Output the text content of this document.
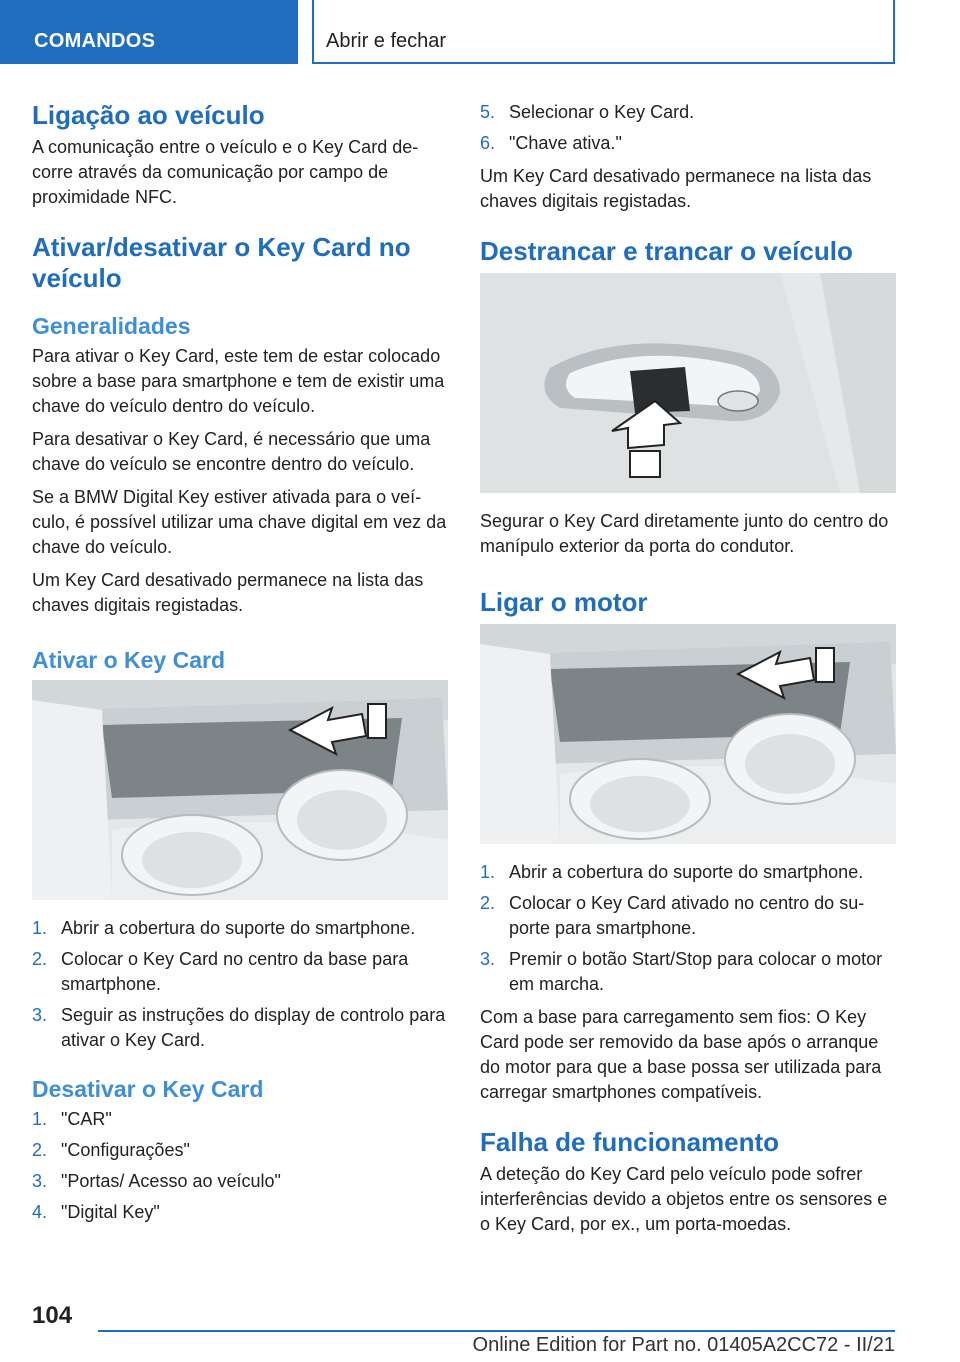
COMANDOS	Abrir e fechar
Ligação ao veículo

A comunicação entre o veículo e o Key Card decorre através da comunicação por campo de proximidade NFC.

Ativar/desativar o Key Card no veículo
Generalidades

Para ativar o Key Card, este tem de estar colocado sobre a base para smartphone e tem de existir uma chave do veículo dentro do veículo.

Para desativar o Key Card, é necessário que uma chave do veículo se encontre dentro do veículo.

Se a BMW Digital Key estiver ativada para o veículo, é possível utilizar uma chave digital em vez da chave do veículo.

Um Key Card desativado permanece na lista das chaves digitais registadas.

Ativar o Key Card
1. Abrir a cobertura do suporte do smartphone.
2. Colocar o Key Card no centro da base para smartphone.
3. Seguir as instruções do display de controlo para ativar o Key Card.
Desativar o Key Card
1. "CAR"
2. "Configurações"
3. "Portas/ Acesso ao veículo"
4. "Digital Key"
5. Selecionar o Key Card.
6. "Chave ativa."

Um Key Card desativado permanece na lista das chaves digitais registadas.

Destrancar e trancar o veículo

Segurar o Key Card diretamente junto do centro do manípulo exterior da porta do condutor.

Ligar o motor
1. Abrir a cobertura do suporte do smartphone.
2. Colocar o Key Card ativado no centro do suporte para smartphone.
3. Premir o botão Start/Stop para colocar o motor em marcha.

Com a base para carregamento sem fios: O Key Card pode ser removido da base após o arranque do motor para que a base possa ser utilizada para carregar smartphones compatíveis.

Falha de funcionamento

A deteção do Key Card pelo veículo pode sofrer interferências devido a objetos entre os sensores e o Key Card, por ex., um porta-moedas.

104
Online Edition for Part no. 01405A2CC72 - II/21
